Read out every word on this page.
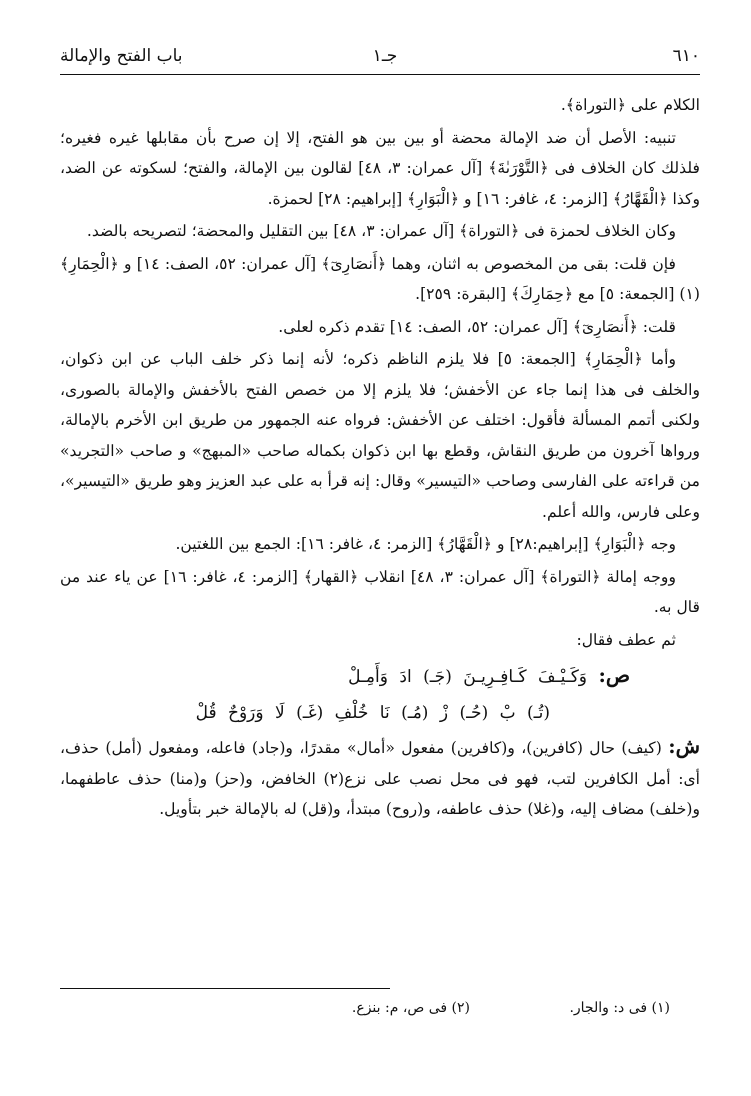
٦١٠
جـ١
باب الفتح والإمالة

الكلام على ﴿التوراة﴾.

تنبيه: الأصل أن ضد الإمالة محضة أو بين بين هو الفتح، إلا إن صرح بأن مقابلها غيره فغيره؛ فلذلك كان الخلاف فى ﴿التَّوْرَىٰةَ﴾ [آل عمران: ٣، ٤٨] لقالون بين الإمالة، والفتح؛ لسكوته عن الضد، وكذا ﴿الْقَهَّارُ﴾ [الزمر: ٤، غافر: ١٦] و ﴿الْبَوَارِ﴾ [إبراهيم: ٢٨] لحمزة.

وكان الخلاف لحمزة فى ﴿التوراة﴾ [آل عمران: ٣، ٤٨] بين التقليل والمحضة؛ لتصريحه بالضد.

فإن قلت: بقى من المخصوص به اثنان، وهما ﴿أَنصَارِىٓ﴾ [آل عمران: ٥٢، الصف: ١٤] و ﴿الْحِمَارِ﴾(١) [الجمعة: ٥] مع ﴿حِمَارِكَ﴾ [البقرة: ٢٥٩].

قلت: ﴿أَنصَارِىٓ﴾ [آل عمران: ٥٢، الصف: ١٤] تقدم ذكره لعلى.

وأما ﴿الْحِمَارِ﴾ [الجمعة: ٥] فلا يلزم الناظم ذكره؛ لأنه إنما ذكر خلف الباب عن ابن ذكوان، والخلف فى هذا إنما جاء عن الأخفش؛ فلا يلزم إلا من خصص الفتح بالأخفش والإمالة بالصورى، ولكنى أتمم المسألة فأقول: اختلف عن الأخفش: فرواه عنه الجمهور من طريق ابن الأخرم بالإمالة، ورواها آخرون من طريق النقاش، وقطع بها ابن ذكوان بكماله صاحب «المبهج» و صاحب «التجريد» من قراءته على الفارسى وصاحب «التيسير» وقال: إنه قرأ به على عبد العزيز وهو طريق «التيسير»، وعلى فارس، والله أعلم.

وجه ﴿الْبَوَارِ﴾ [إبراهيم:٢٨] و ﴿الْقَهَّارُ﴾ [الزمر: ٤، غافر: ١٦]: الجمع بين اللغتين.

ووجه إمالة ﴿التوراة﴾ [آل عمران: ٣، ٤٨] انقلاب ﴿القهار﴾ [الزمر: ٤، غافر: ١٦] عن ياء عند من قال به.

ثم عطف فقال:

ص: وَكَـيْـفَ كَـافِـرِيـنَ (جَـ) ادَ وَأَمِـلْ
(تُـ) بْ (حُـ) زْ (مُـ) نَا خُلْفِ (غَـ) لَا وَرَوْحٌ قُلْ

ش: (كيف) حال (كافرين)، و(كافرين) مفعول «أمال» مقدرًا، و(جاد) فاعله، ومفعول (أمل) حذف، أى: أمل الكافرين لتب، فهو فى محل نصب على نزع(٢) الخافض، و(حز) و(منا) حذف عاطفهما، و(خلف) مضاف إليه، و(غلا) حذف عاطفه، و(روح) مبتدأ، و(قل) له بالإمالة خبر بتأويل.

(١) فى د: والجار.
(٢) فى ص، م: بنزع.
